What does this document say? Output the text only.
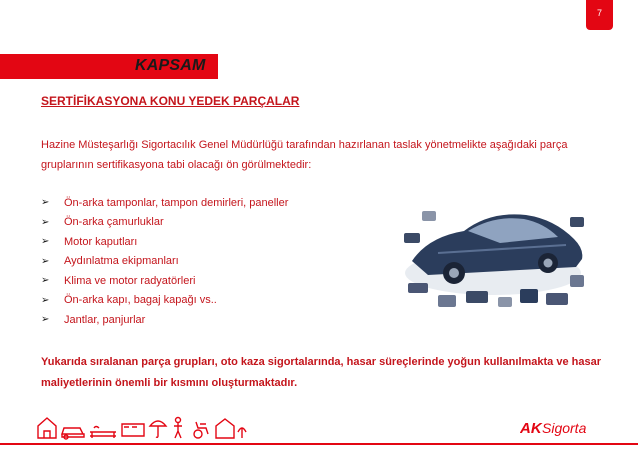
7
KAPSAM
SERTİFİKASYONA KONU YEDEK PARÇALAR

Hazine Müsteşarlığı Sigortacılık Genel Müdürlüğü tarafından hazırlanan taslak yönetmelikte aşağıdaki parça gruplarının sertifikasyona tabi olacağı ön görülmektedir:

➢	Ön-arka tamponlar, tampon demirleri, paneller
➢	Ön-arka çamurluklar
➢	Motor kaputları
➢	Aydınlatma ekipmanları
➢	Klima ve motor radyatörleri
➢	Ön-arka kapı, bagaj kapağı vs..
➢	Jantlar, panjurlar

Yukarıda sıralanan parça grupları, oto kaza sigortalarında, hasar süreçlerinde yoğun kullanılmakta ve hasar maliyetlerinin önemli bir kısmını oluşturmaktadır.

AK Sigorta
